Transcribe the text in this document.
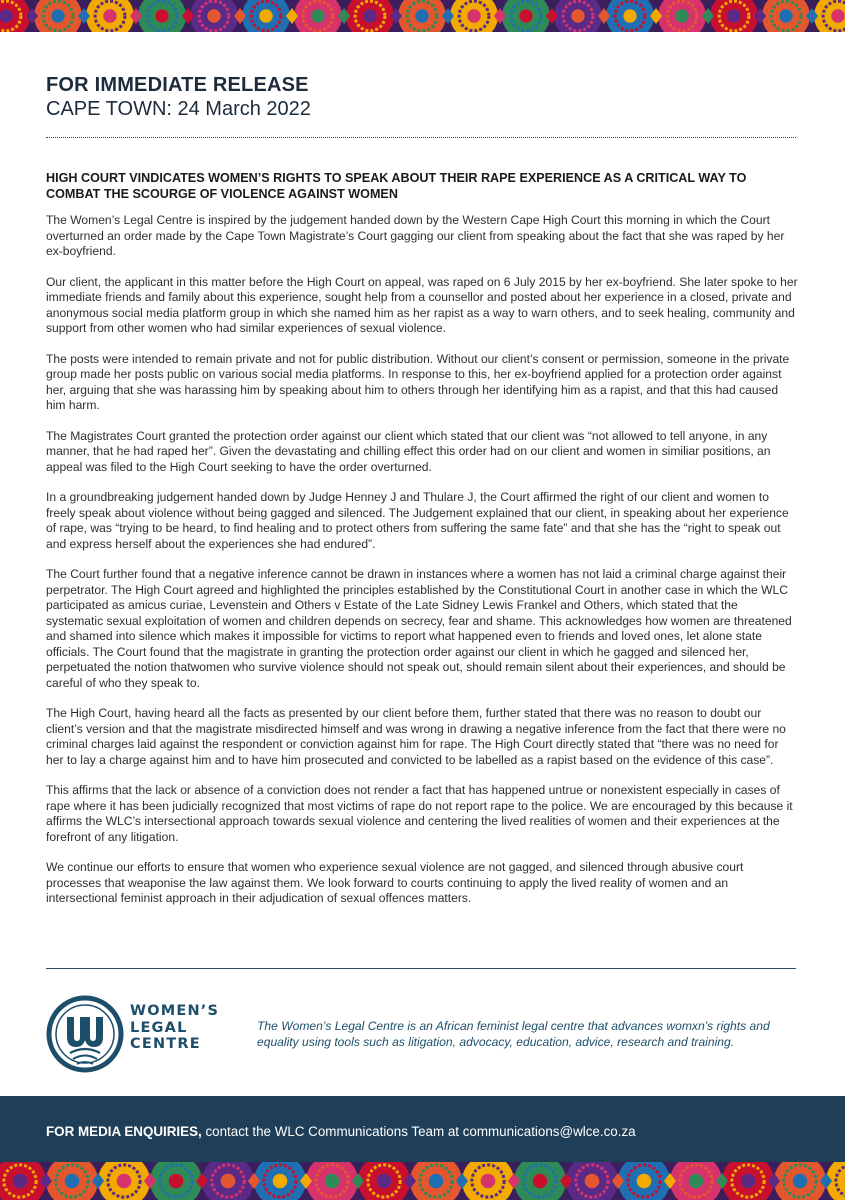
FOR IMMEDIATE RELEASE
CAPE TOWN: 24 March 2022
HIGH COURT VINDICATES WOMEN’S RIGHTS TO SPEAK ABOUT THEIR RAPE EXPERIENCE AS A CRITICAL WAY TO COMBAT THE SCOURGE OF VIOLENCE AGAINST WOMEN

The Women’s Legal Centre is inspired by the judgement handed down by the Western Cape High Court this morning in which the Court overturned an order made by the Cape Town Magistrate’s Court gagging our client from speaking about the fact that she was raped by her ex-boyfriend.

Our client, the applicant in this matter before the High Court on appeal, was raped on 6 July 2015 by her ex-boyfriend. She later spoke to her immediate friends and family about this experience, sought help from a counsellor and posted about her experience in a closed, private and anonymous social media platform group in which she named him as her rapist as a way to warn others, and to seek healing, community and support from other women who had similar experiences of sexual violence.

The posts were intended to remain private and not for public distribution. Without our client’s consent or permission, someone in the private group made her posts public on various social media platforms. In response to this, her ex-boyfriend applied for a protection order against her, arguing that she was harassing him by speaking about him to others through her identifying him as a rapist, and that this had caused him harm.

The Magistrates Court granted the protection order against our client which stated that our client was “not allowed to tell anyone, in any manner, that he had raped her”. Given the devastating and chilling effect this order had on our client and women in similiar positions, an appeal was filed to the High Court seeking to have the order overturned.

In a groundbreaking judgement handed down by Judge Henney J and Thulare J, the Court affirmed the right of our client and women to freely speak about violence without being gagged and silenced. The Judgement explained that our client, in speaking about her experience of rape, was “trying to be heard, to find healing and to protect others from suffering the same fate” and that she has the “right to speak out and express herself about the experiences she had endured”.

The Court further found that a negative inference cannot be drawn in instances where a women has not laid a criminal charge against their perpetrator. The High Court agreed and highlighted the principles established by the Constitutional Court in another case in which the WLC participated as amicus curiae, Levenstein and Others v Estate of the Late Sidney Lewis Frankel and Others, which stated that the systematic sexual exploitation of women and children depends on secrecy, fear and shame. This acknowledges how women are threatened and shamed into silence which makes it impossible for victims to report what happened even to friends and loved ones, let alone state officials. The Court found that the magistrate in granting the protection order against our client in which he gagged and silenced her, perpetuated the notion thatwomen who survive violence should not speak out, should remain silent about their experiences, and should be careful of who they speak to.

The High Court, having heard all the facts as presented by our client before them, further stated that there was no reason to doubt our client’s version and that the magistrate misdirected himself and was wrong in drawing a negative inference from the fact that there were no criminal charges laid against the respondent or conviction against him for rape. The High Court directly stated that “there was no need for her to lay a charge against him and to have him prosecuted and convicted to be labelled as a rapist based on the evidence of this case”.

This affirms that the lack or absence of a conviction does not render a fact that has happened untrue or nonexistent especially in cases of rape where it has been judicially recognized that most victims of rape do not report rape to the police. We are encouraged by this because it affirms the WLC’s intersectional approach towards sexual violence and centering the lived realities of women and their experiences at the forefront of any litigation.

We continue our efforts to ensure that women who experience sexual violence are not gagged, and silenced through abusive court processes that weaponise the law against them. We look forward to courts continuing to apply the lived reality of women and an intersectional feminist approach in their adjudication of sexual offences matters.

WOMEN’S
LEGAL
CENTRE
The Women’s Legal Centre is an African feminist legal centre that advances womxn’s rights and equality using tools such as litigation, advocacy, education, advice, research and training.
FOR MEDIA ENQUIRIES, contact the WLC Communications Team at communications@wlce.co.za
